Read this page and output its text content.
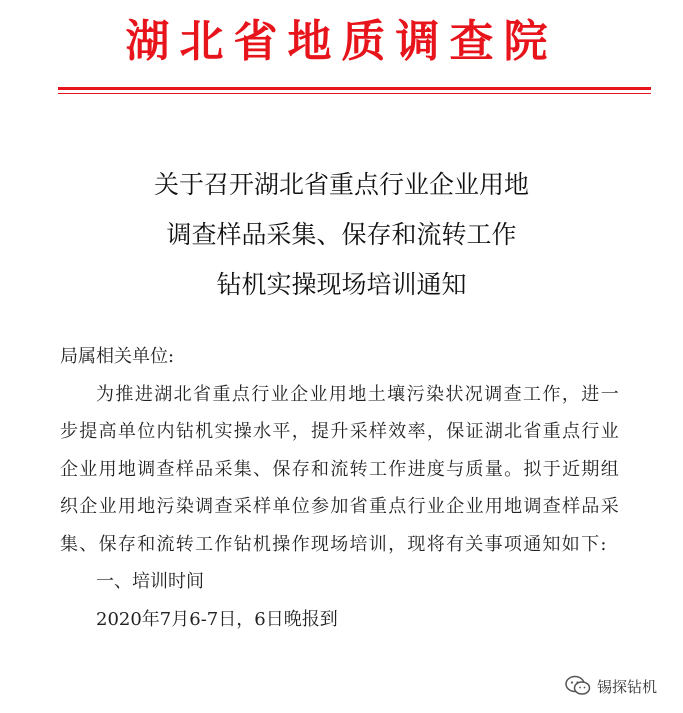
湖北省地质调查院
关于召开湖北省重点行业企业用地
调查样品采集、保存和流转工作
钻机实操现场培训通知
局属相关单位:
为推进湖北省重点行业企业用地土壤污染状况调查工作，进一步提高单位内钻机实操水平，提升采样效率，保证湖北省重点行业企业用地调查样品采集、保存和流转工作进度与质量。拟于近期组织企业用地污染调查采样单位参加省重点行业企业用地调查样品采集、保存和流转工作钻机操作现场培训，现将有关事项通知如下:
一、培训时间
2020年7月6-7日，6日晚报到
锡探钻机
